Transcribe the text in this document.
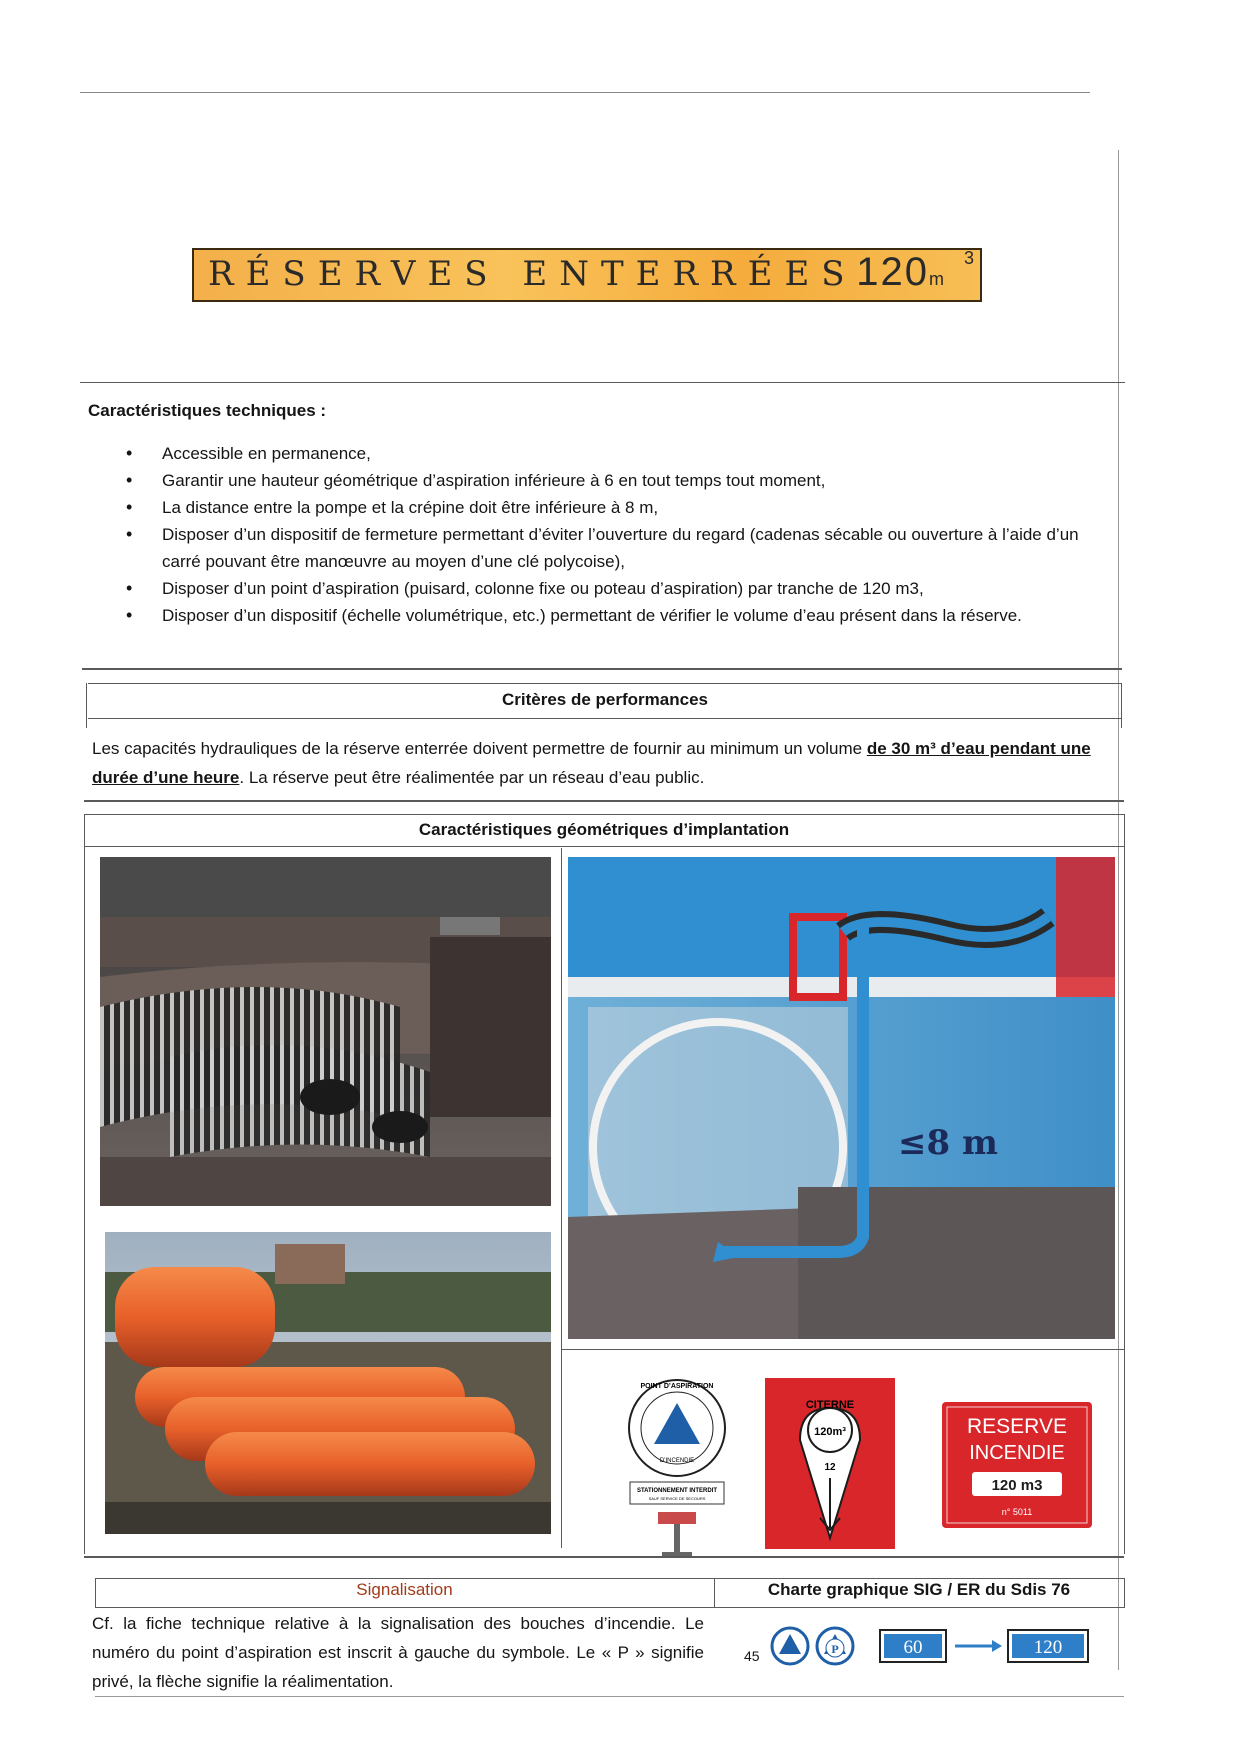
RÉSERVES ENTERRÉES 120m
3
Caractéristiques techniques :
• Accessible en permanence,
• Garantir une hauteur géométrique d’aspiration inférieure à 6 en tout temps tout moment,
• La distance entre la pompe et la crépine doit être inférieure à 8 m,
• Disposer d’un dispositif de fermeture permettant d’éviter l’ouverture du regard (cadenas sécable ou ouverture à l’aide d’un carré pouvant être manœuvre au moyen d’une clé polycoise),
• Disposer d’un point d’aspiration (puisard, colonne fixe ou poteau d’aspiration) par tranche de 120 m3,
• Disposer d’un dispositif (échelle volumétrique, etc.) permettant de vérifier le volume d’eau présent dans la réserve.
Critères de performances
Les capacités hydrauliques de la réserve enterrée doivent permettre de fournir au minimum un volume de 30 m³ d’eau pendant une durée d’une heure. La réserve peut être réalimentée par un réseau d’eau public.
Caractéristiques géométriques d’implantation
≤8 m
POINT D’ASPIRATION
D’INCENDIE
STATIONNEMENT INTERDIT
SAUF SERVICE DE SECOURS
CITERNE
120m³
12
RESERVE
INCENDIE
120 m3
n° 5011
Signalisation	Charte graphique SIG / ER du Sdis 76
Cf. la fiche technique relative à la signalisation des bouches d’incendie. Le numéro du point d’aspiration est inscrit à gauche du symbole. Le « P » signifie privé, la flèche signifie la réalimentation.
45	P	60	120
